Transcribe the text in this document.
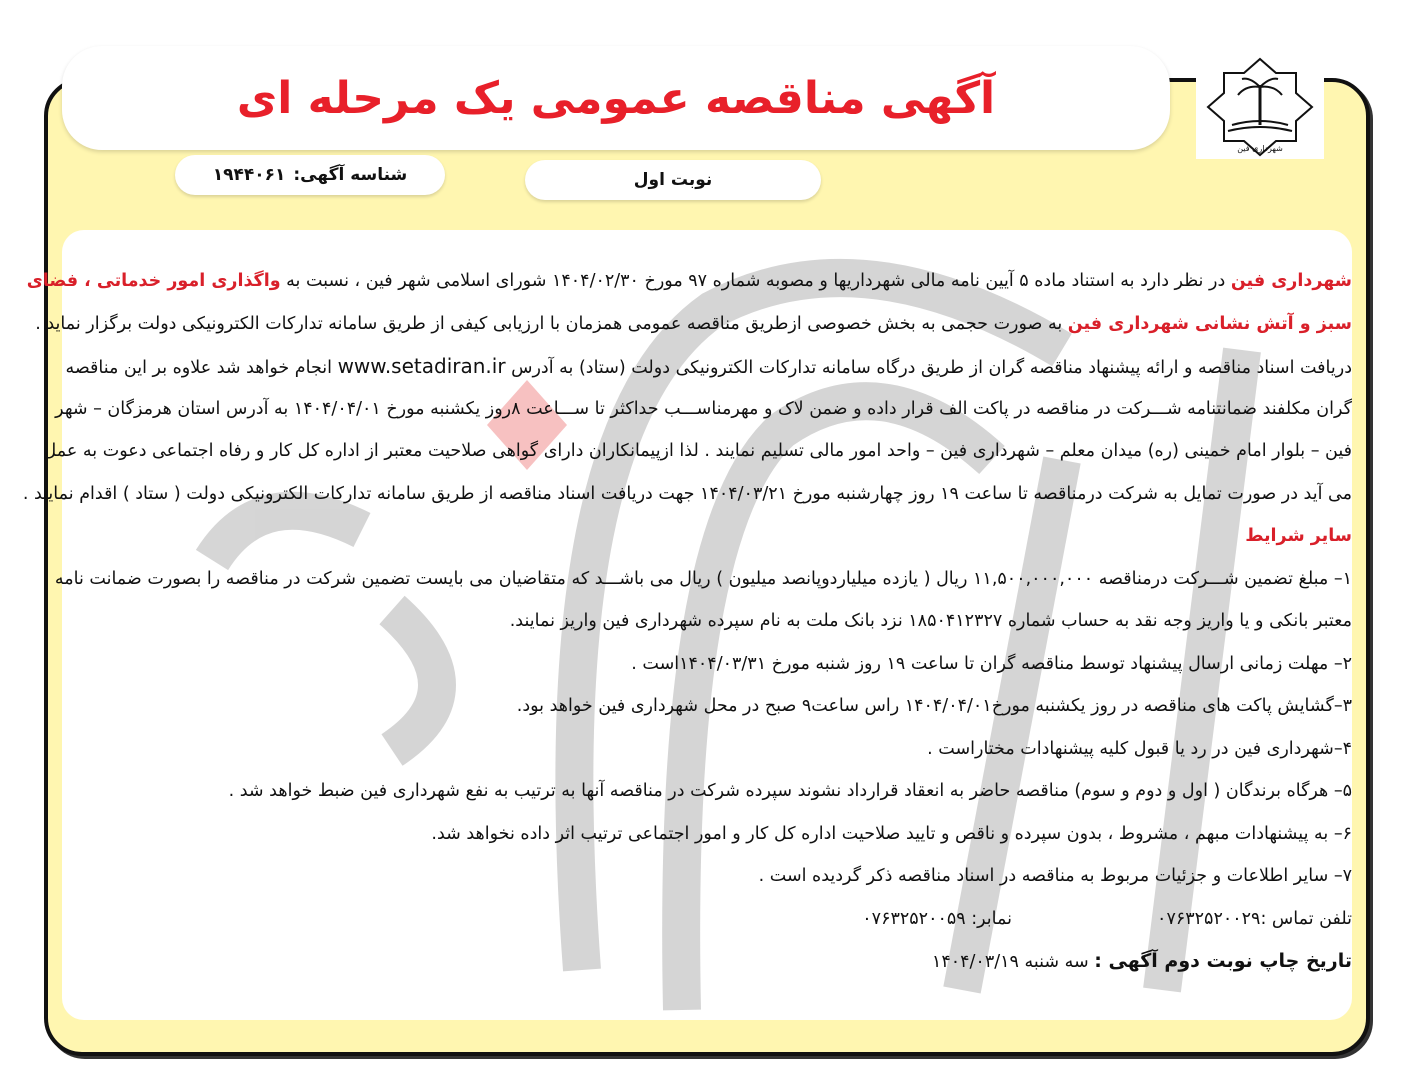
آگهی مناقصه عمومی یک مرحله ای
شهرداری فین
نوبت اول
شناسه آگهی:
۱۹۴۴۰۶۱
شهرداری فین در نظر دارد به استناد ماده ۵ آیین نامه مالی شهرداریها و مصوبه شماره ۹۷ مورخ ۱۴۰۴/۰۲/۳۰ شورای اسلامی شهر فین ، نسبت به واگذاری امور خدماتی ، فضای
سبز و آتش نشانی شهرداری فین به صورت حجمی به بخش خصوصی ازطریق مناقصه عمومی همزمان با ارزیابی کیفی از طریق سامانه تدارکات الکترونیکی دولت برگزار نماید .
دریافت اسناد مناقصه و ارائه پیشنهاد مناقصه گران از طریق درگاه سامانه تدارکات الکترونیکی دولت (ستاد) به آدرس www.setadiran.ir انجام خواهد شد علاوه بر این مناقصه
گران مکلفند ضمانتنامه شـــرکت در مناقصه در پاکت الف قرار داده و ضمن لاک و مهرمناســـب حداکثر تا ســـاعت ۸روز یکشنبه مورخ ۱۴۰۴/۰۴/۰۱ به آدرس استان هرمزگان – شهر
فین – بلوار امام خمینی (ره) میدان معلم – شهرداری فین – واحد امور مالی تسلیم نمایند . لذا ازپیمانکاران دارای گواهی صلاحیت معتبر از اداره کل کار و رفاه اجتماعی دعوت به عمل
می آید در صورت تمایل به شرکت درمناقصه تا ساعت ۱۹ روز چهارشنبه مورخ ۱۴۰۴/۰۳/۲۱ جهت دریافت اسناد مناقصه از طریق سامانه تدارکات الکترونیکی دولت ( ستاد ) اقدام نمایند .
سایر شرایط
۱– مبلغ تضمین شـــرکت درمناقصه ۱۱,۵۰۰,۰۰۰,۰۰۰ ریال ( یازده میلیاردوپانصد میلیون ) ریال می باشـــد که متقاضیان می بایست تضمین شرکت در مناقصه را بصورت ضمانت نامه
معتبر بانکی و یا واریز وجه نقد به حساب شماره ۱۸۵۰۴۱۲۳۲۷ نزد بانک ملت به نام سپرده شهرداری فین واریز نمایند.
۲– مهلت زمانی ارسال پیشنهاد توسط مناقصه گران تا ساعت ۱۹ روز شنبه مورخ ۱۴۰۴/۰۳/۳۱است .
۳–گشایش پاکت های مناقصه در روز یکشنبه مورخ۱۴۰۴/۰۴/۰۱ راس ساعت۹ صبح در محل شهرداری فین خواهد بود.
۴–شهرداری فین در رد یا قبول کلیه پیشنهادات مختاراست .
۵– هرگاه برندگان ( اول و دوم و سوم) مناقصه حاضر به انعقاد قرارداد نشوند سپرده شرکت در مناقصه آنها به ترتیب به نفع شهرداری فین ضبط خواهد شد .
۶– به پیشنهادات مبهم ، مشروط ، بدون سپرده و ناقص و تایید صلاحیت اداره کل کار و امور اجتماعی ترتیب اثر داده نخواهد شد.
۷– سایر اطلاعات و جزئیات مربوط به مناقصه در اسناد مناقصه ذکر گردیده است .
تلفن تماس :۰۷۶۳۲۵۲۰۰۲۹
نمابر: ۰۷۶۳۲۵۲۰۰۵۹
تاریخ چاپ نوبت دوم آگهی : سه شنبه ۱۴۰۴/۰۳/۱۹
